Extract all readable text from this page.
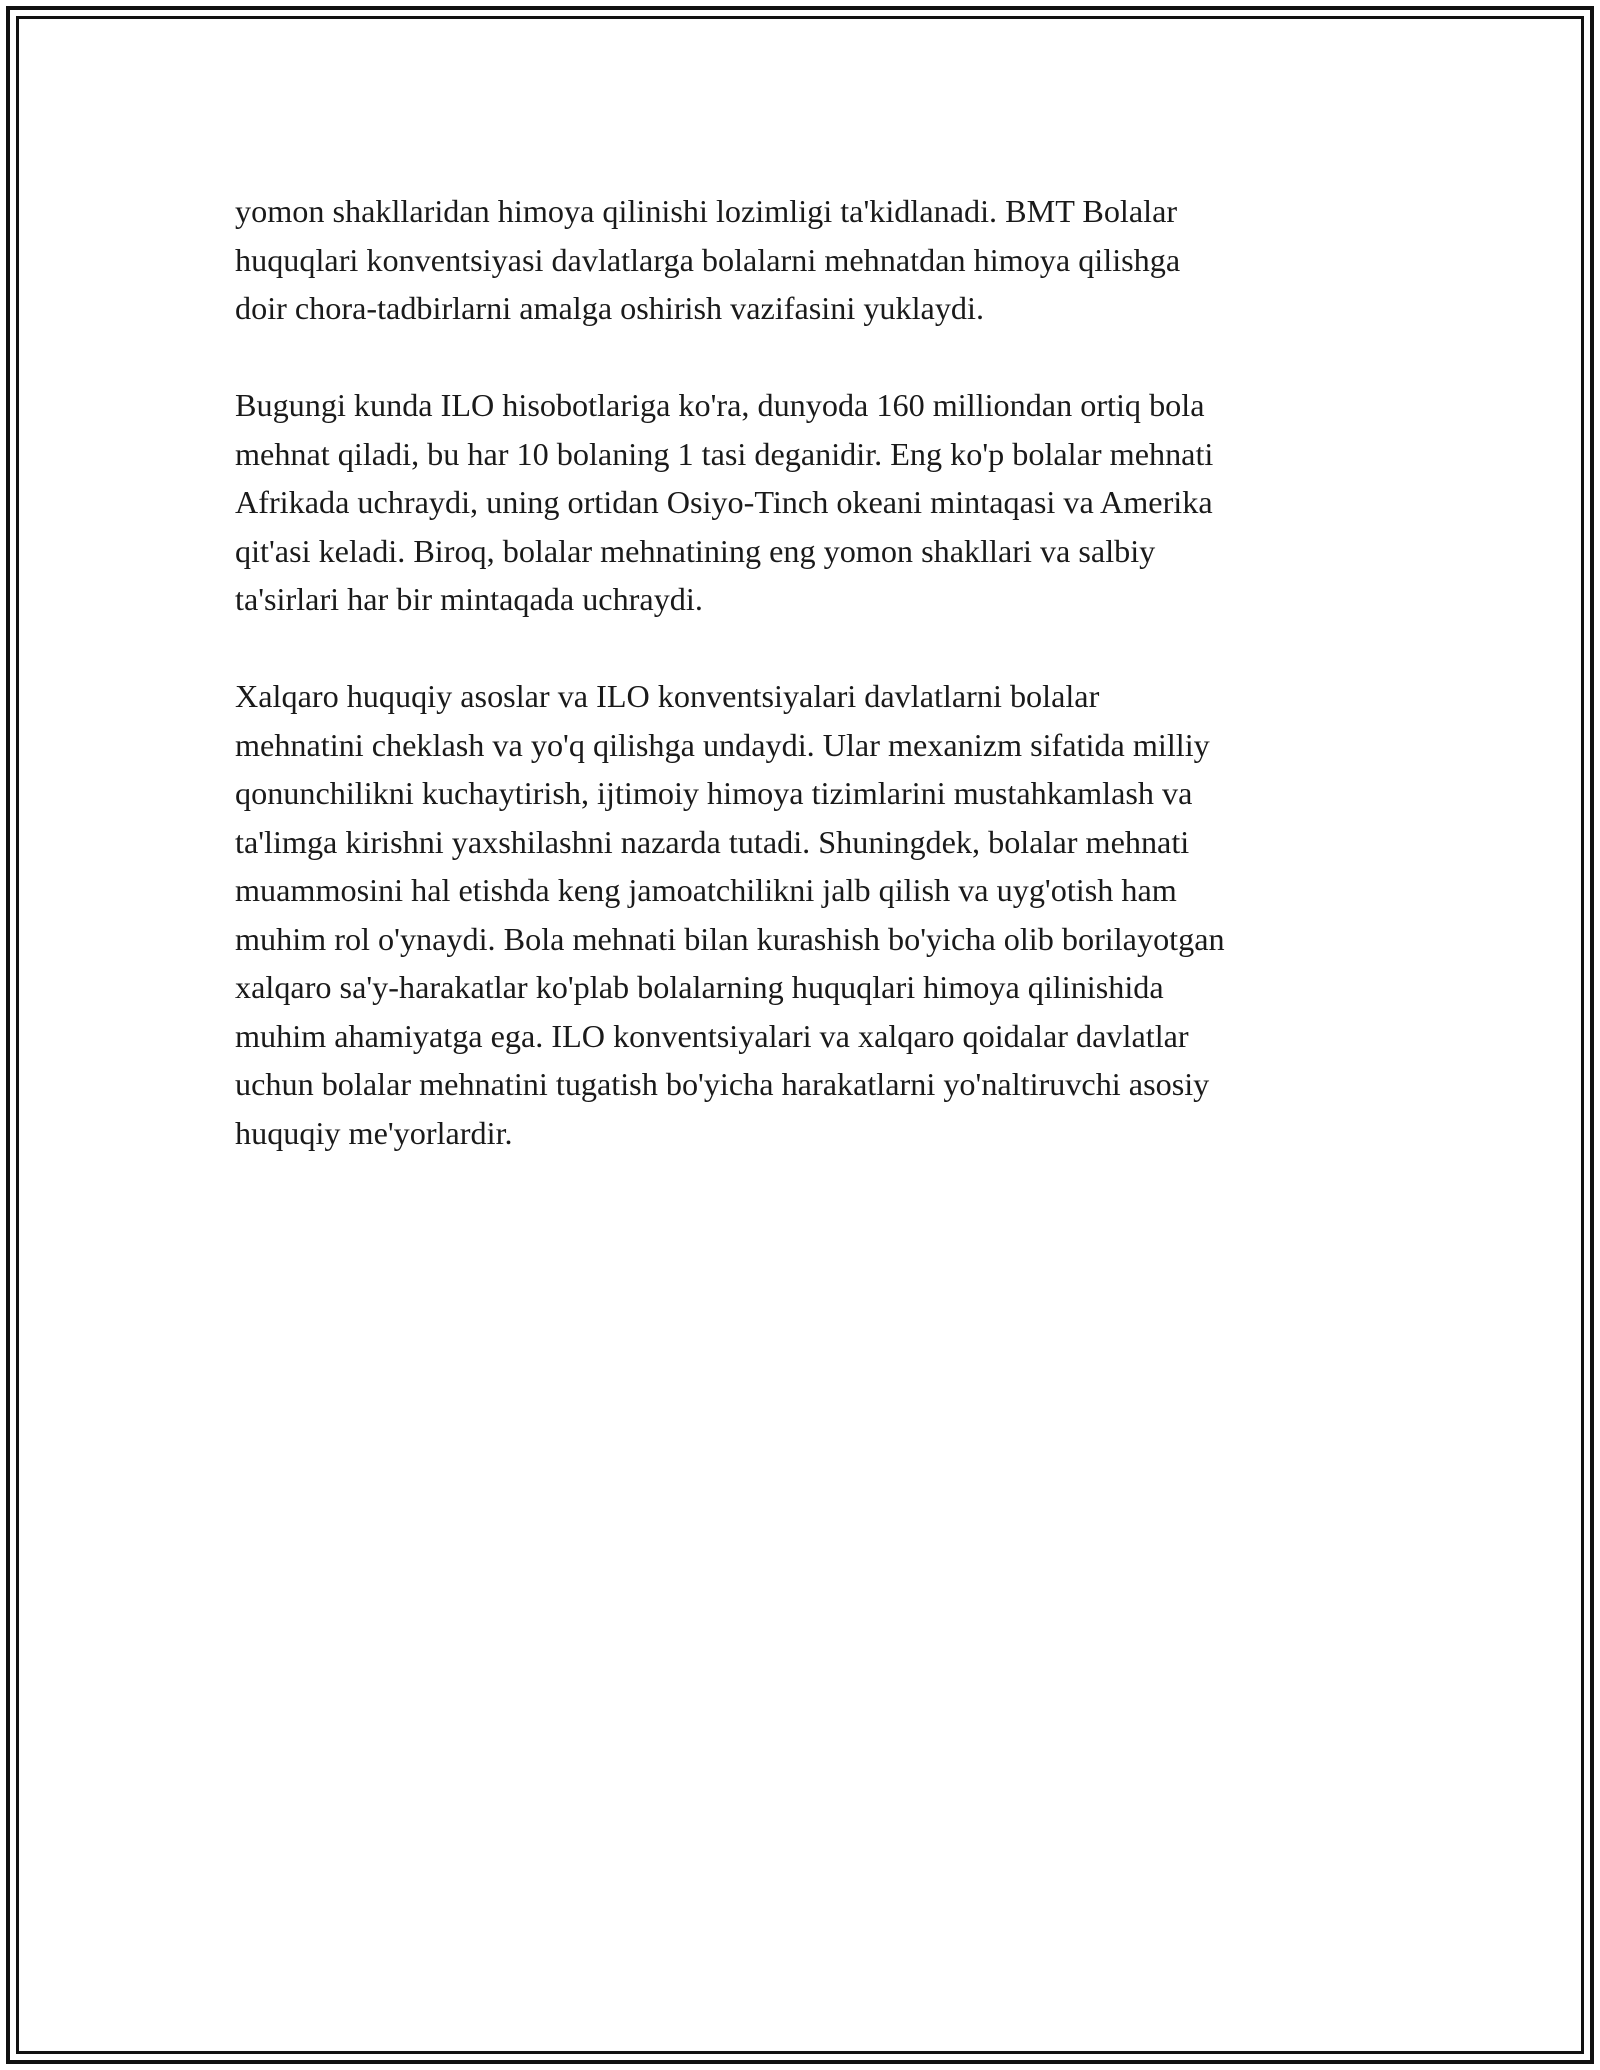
yomon shakllaridan himoya qilinishi lozimligi ta'kidlanadi. BMT Bolalar
huquqlari konventsiyasi davlatlarga bolalarni mehnatdan himoya qilishga
doir chora-tadbirlarni amalga oshirish vazifasini yuklaydi.
Bugungi kunda ILO hisobotlariga ko'ra, dunyoda 160 milliondan ortiq bola
mehnat qiladi, bu har 10 bolaning 1 tasi deganidir. Eng ko'p bolalar mehnati
Afrikada uchraydi, uning ortidan Osiyo-Tinch okeani mintaqasi va Amerika
qit'asi keladi. Biroq, bolalar mehnatining eng yomon shakllari va salbiy
ta'sirlari har bir mintaqada uchraydi.
Xalqaro huquqiy asoslar va ILO konventsiyalari davlatlarni bolalar
mehnatini cheklash va yo'q qilishga undaydi. Ular mexanizm sifatida milliy
qonunchilikni kuchaytirish, ijtimoiy himoya tizimlarini mustahkamlash va
ta'limga kirishni yaxshilashni nazarda tutadi. Shuningdek, bolalar mehnati
muammosini hal etishda keng jamoatchilikni jalb qilish va uyg'otish ham
muhim rol o'ynaydi. Bola mehnati bilan kurashish bo'yicha olib borilayotgan
xalqaro sa'y-harakatlar ko'plab bolalarning huquqlari himoya qilinishida
muhim ahamiyatga ega. ILO konventsiyalari va xalqaro qoidalar davlatlar
uchun bolalar mehnatini tugatish bo'yicha harakatlarni yo'naltiruvchi asosiy
huquqiy me'yorlardir.
